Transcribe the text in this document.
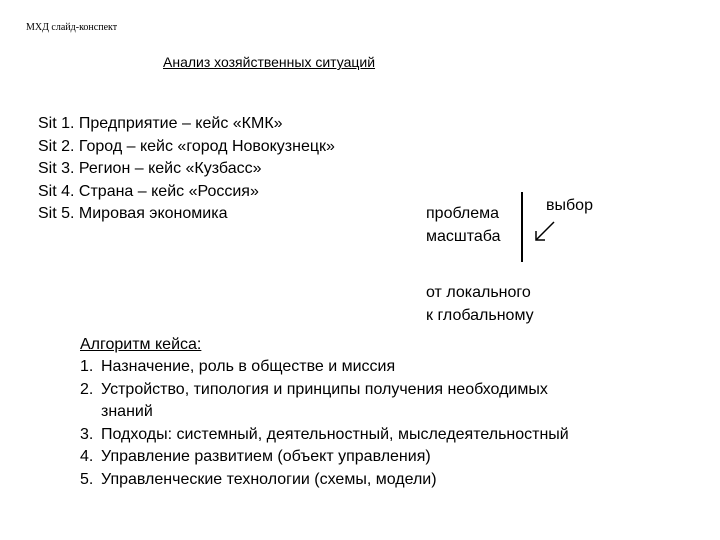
МХД слайд-конспект
Анализ хозяйственных ситуаций
Sit 1. Предприятие – кейс «КМК»
Sit 2. Город – кейс «город Новокузнецк»
Sit 3. Регион – кейс «Кузбасс»
Sit 4. Страна – кейс «Россия»
Sit 5. Мировая экономика	проблема
масштаба
выбор
от локального
к глобальному
Алгоритм кейса:
1. Назначение, роль в обществе и миссия
2. Устройство, типология и принципы получения необходимых
знаний
3. Подходы: системный, деятельностный, мыследеятельностный
4. Управление развитием (объект управления)
5. Управленческие технологии (схемы, модели)
